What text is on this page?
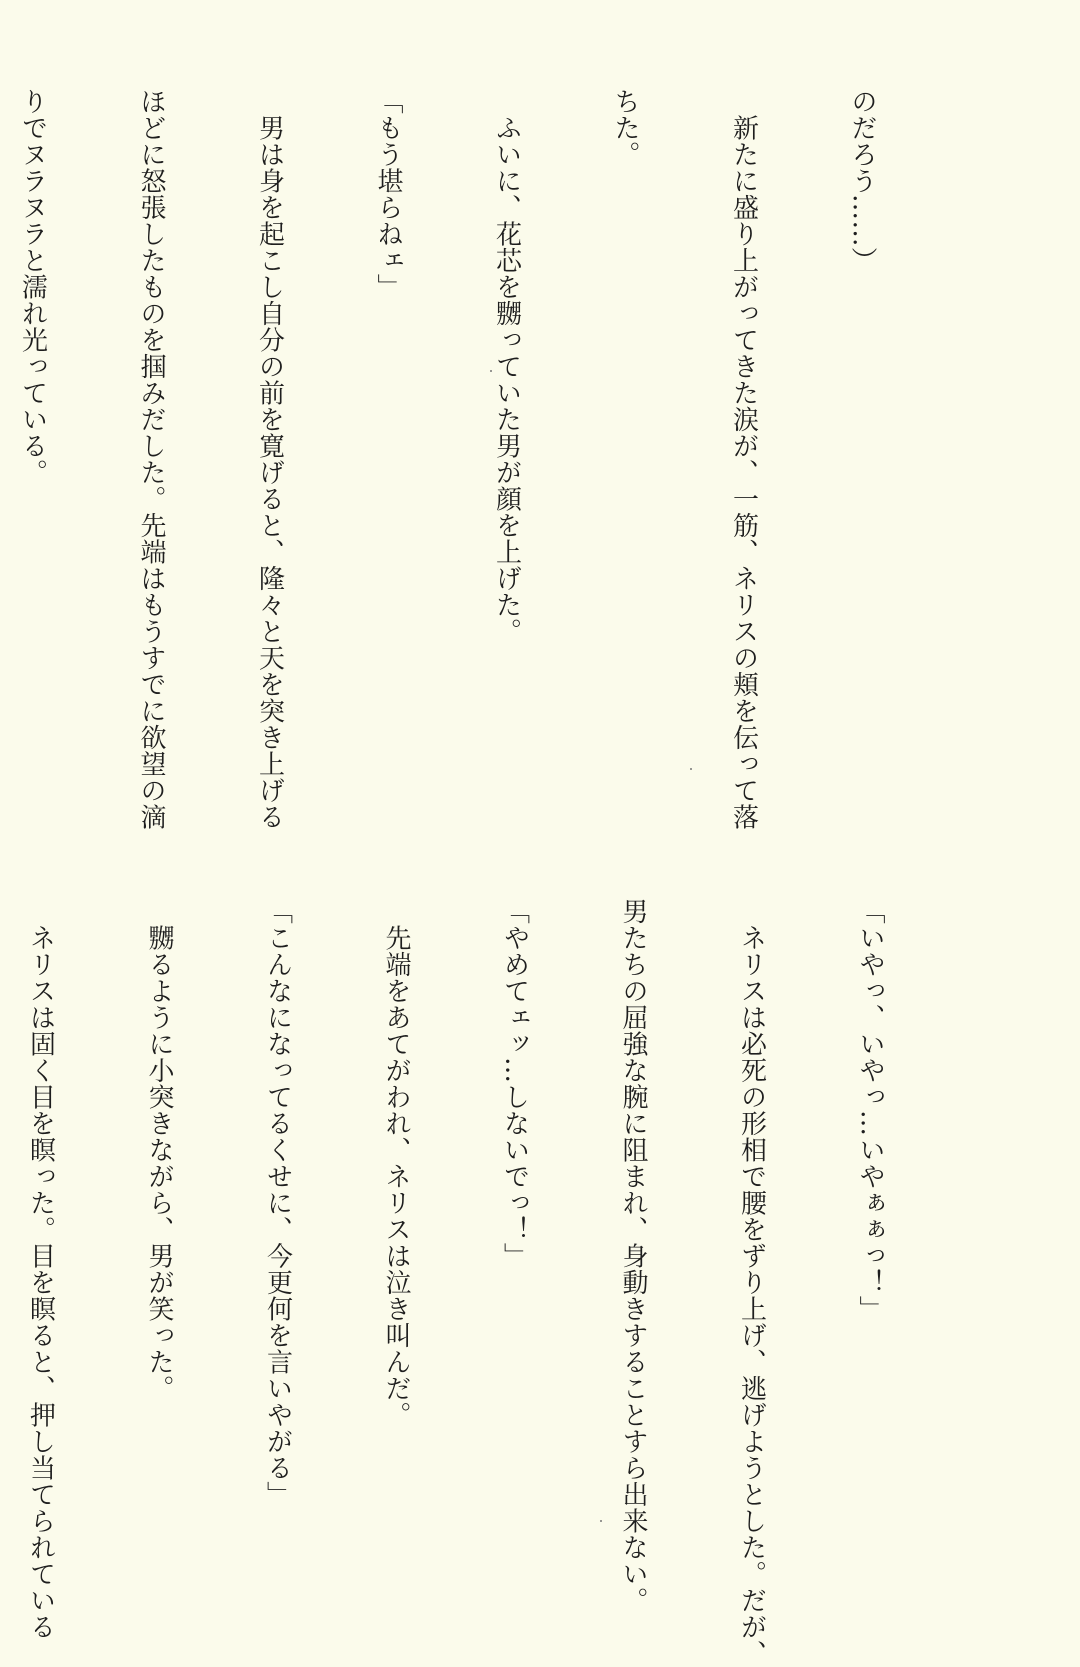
のだろう……）

　新たに盛り上がってきた涙が、一筋、ネリスの頬を伝って落

ちた。

　ふいに、花芯を嬲っていた男が顔を上げた。

「もう堪らねェ」

　男は身を起こし自分の前を寛げると、隆々と天を突き上げる

ほどに怒張したものを掴みだした。先端はもうすでに欲望の滴

りでヌラヌラと濡れ光っている。

「いやっ、いやっ…いやぁぁっ！」

　ネリスは必死の形相で腰をずり上げ、逃げようとした。だが、

男たちの屈強な腕に阻まれ、身動きすることすら出来ない。

「やめてェッ…しないでっ！」

　先端をあてがわれ、ネリスは泣き叫んだ。

「こんなになってるくせに、今更何を言いやがる」

　嬲るように小突きながら、男が笑った。

　ネリスは固く目を瞑った。目を瞑ると、押し当てられている
